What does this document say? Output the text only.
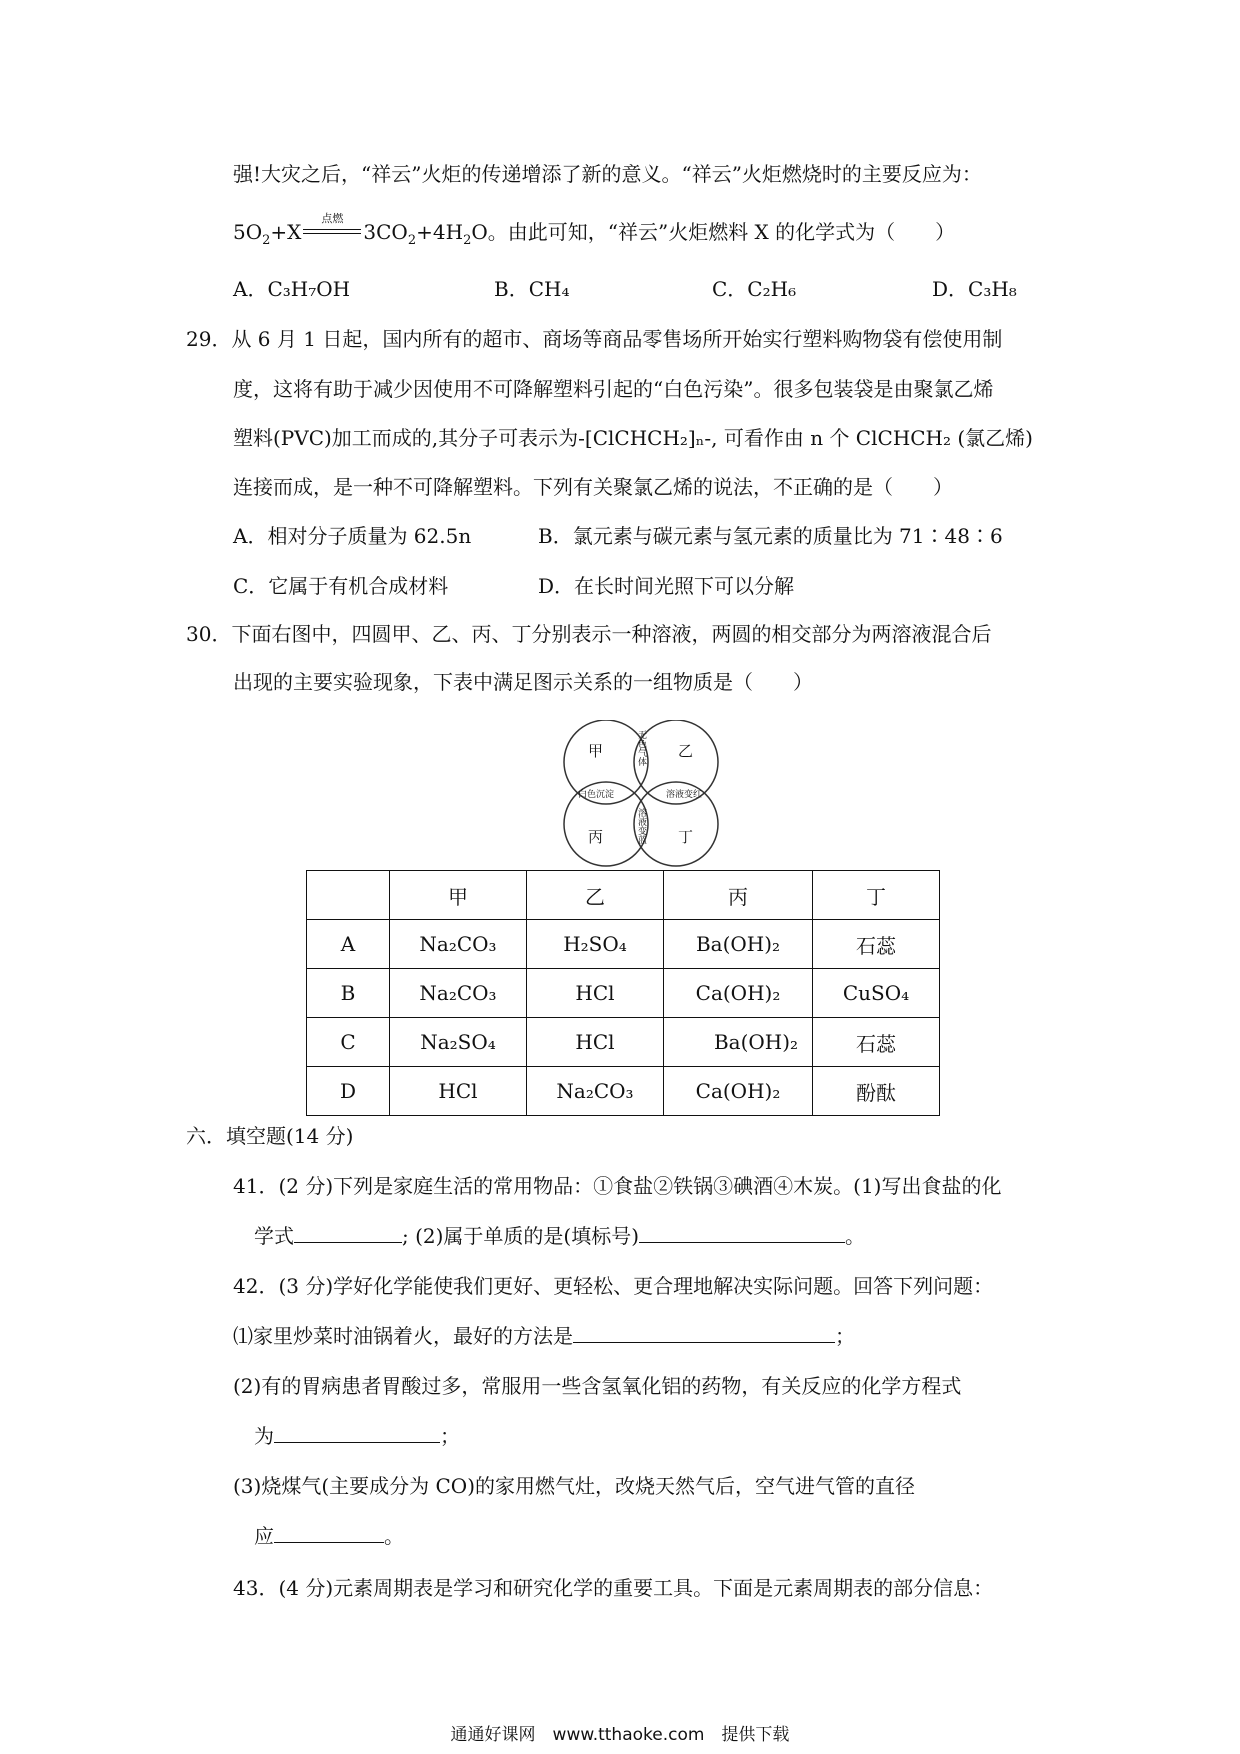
强!大灾之后，“祥云”火炬的传递增添了新的意义。“祥云”火炬燃烧时的主要反应为：
$5O_2+X$
点燃
$3CO_2+4H_2O$。由此可知，“祥云”火炬燃料 X 的化学式为（　　）
A．C₃H₇OH	B．CH₄	C．C₂H₆	D．C₃H₈
29．从 6 月 1 日起，国内所有的超市、商场等商品零售场所开始实行塑料购物袋有偿使用制
度，这将有助于减少因使用不可降解塑料引起的“白色污染”。很多包装袋是由聚氯乙烯
塑料(PVC)加工而成的,其分子可表示为-[ClCHCH₂]ₙ-, 可看作由 n 个 ClCHCH₂ (氯乙烯)
连接而成，是一种不可降解塑料。下列有关聚氯乙烯的说法，不正确的是（　　）
A．相对分子质量为 62.5n	B．氯元素与碳元素与氢元素的质量比为 71∶48∶6
C．它属于有机合成材料	D．在长时间光照下可以分解
30．下面右图中，四圆甲、乙、丙、丁分别表示一种溶液，两圆的相交部分为两溶液混合后
出现的主要实验现象，下表中满足图示关系的一组物质是（　　）
甲	乙
丙	丁
无色气体
白色沉淀	溶液变红
溶液变蓝
	甲	乙	丙	丁
A	Na₂CO₃	H₂SO₄	Ba(OH)₂	石蕊
B	Na₂CO₃	HCl	Ca(OH)₂	CuSO₄
C	Na₂SO₄	HCl	Ba(OH)₂	石蕊
D	HCl	Na₂CO₃	Ca(OH)₂	酚酞
六．填空题(14 分)
41．(2 分)下列是家庭生活的常用物品：①食盐②铁锅③碘酒④木炭。(1)写出食盐的化
学式	; (2)属于单质的是(填标号)	。
42．(3 分)学好化学能使我们更好、更轻松、更合理地解决实际问题。回答下列问题：
⑴家里炒菜时油锅着火，最好的方法是	；
(2)有的胃病患者胃酸过多，常服用一些含氢氧化铝的药物，有关反应的化学方程式
为	；
(3)烧煤气(主要成分为 CO)的家用燃气灶，改烧天然气后，空气进气管的直径
应	。
43．(4 分)元素周期表是学习和研究化学的重要工具。下面是元素周期表的部分信息：
通通好课网　www.tthaoke.com　提供下载
